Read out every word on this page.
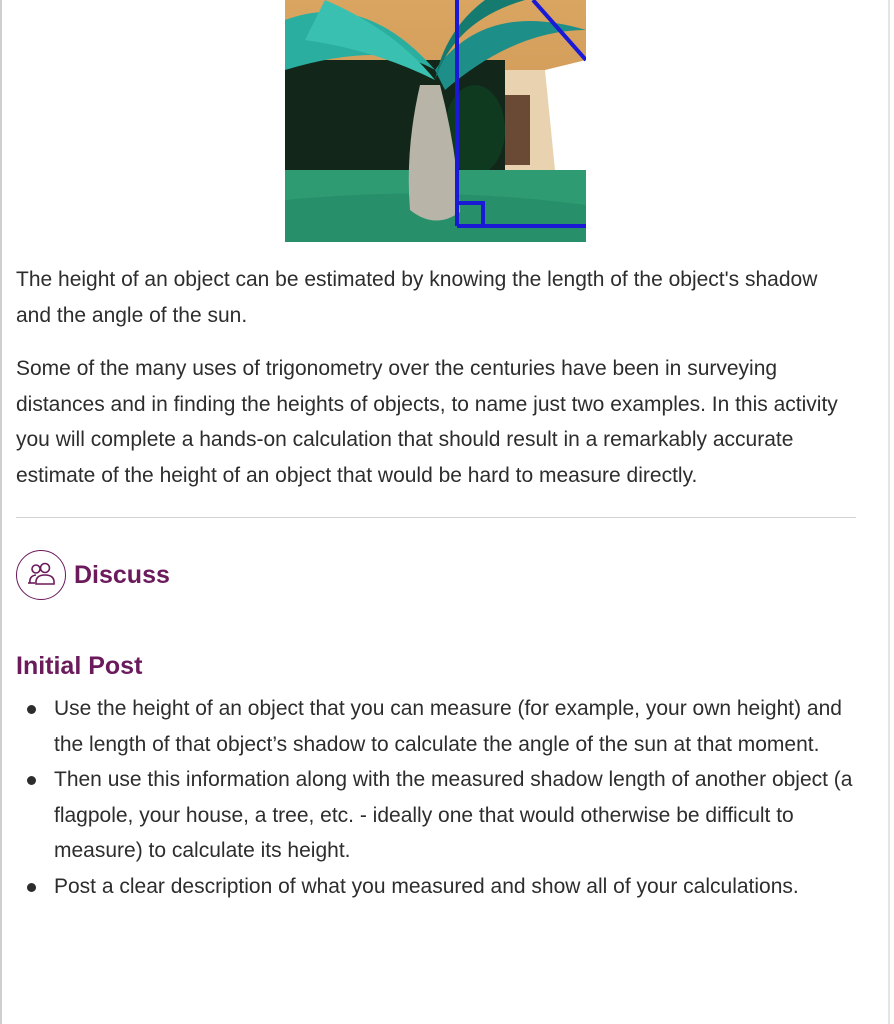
The height of an object can be estimated by knowing the length of the object's shadow and the angle of the sun.

Some of the many uses of trigonometry over the centuries have been in surveying distances and in finding the heights of objects, to name just two examples. In this activity you will complete a hands-on calculation that should result in a remarkably accurate estimate of the height of an object that would be hard to measure directly.

Discuss
Initial Post
Use the height of an object that you can measure (for example, your own height) and the length of that object’s shadow to calculate the angle of the sun at that moment.
Then use this information along with the measured shadow length of another object (a flagpole, your house, a tree, etc. - ideally one that would otherwise be difficult to measure) to calculate its height.
Post a clear description of what you measured and show all of your calculations.
